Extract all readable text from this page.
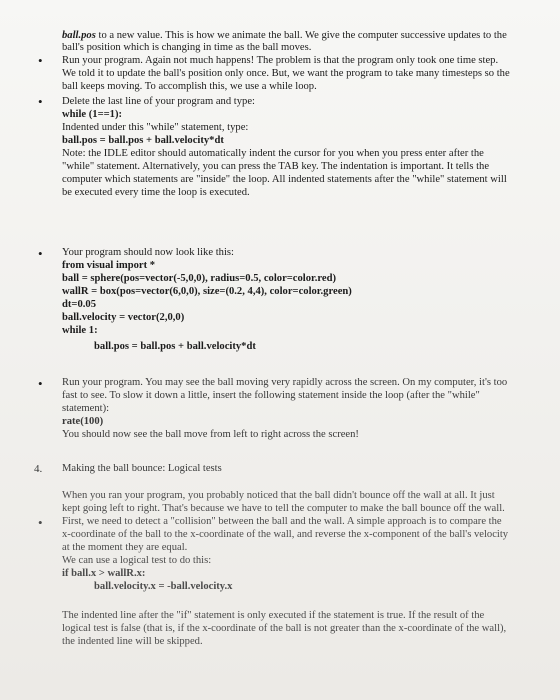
ball.pos to a new value. This is how we animate the ball. We give the computer successive updates to the
ball's position which is changing in time as the ball moves.
• Run your program. Again not much happens! The problem is that the program only took one time step.
We told it to update the ball's position only once. But, we want the program to take many timesteps so the
ball keeps moving. To accomplish this, we use a while loop.
• Delete the last line of your program and type:
while (1==1):
Indented under this "while" statement, type:
ball.pos = ball.pos + ball.velocity*dt
Note: the IDLE editor should automatically indent the cursor for you when you press enter after the
"while" statement. Alternatively, you can press the TAB key. The indentation is important. It tells the
computer which statements are "inside" the loop. All indented statements after the "while" statement will
be executed every time the loop is executed.
• Your program should now look like this:
from visual import *
ball = sphere(pos=vector(-5,0,0), radius=0.5, color=color.red)
wallR = box(pos=vector(6,0,0), size=(0.2, 4,4), color=color.green)
dt=0.05
ball.velocity = vector(2,0,0)
while 1:
ball.pos = ball.pos + ball.velocity*dt
• Run your program. You may see the ball moving very rapidly across the screen. On my computer, it's too
fast to see. To slow it down a little, insert the following statement inside the loop (after the "while"
statement):
rate(100)
You should now see the ball move from left to right across the screen!
4. Making the ball bounce: Logical tests
When you ran your program, you probably noticed that the ball didn't bounce off the wall at all. It just
kept going left to right. That's because we have to tell the computer to make the ball bounce off the wall.
• First, we need to detect a "collision" between the ball and the wall. A simple approach is to compare the
x-coordinate of the ball to the x-coordinate of the wall, and reverse the x-component of the ball's velocity
at the moment they are equal.
We can use a logical test to do this:
if ball.x > wallR.x:
ball.velocity.x = -ball.velocity.x
The indented line after the "if" statement is only executed if the statement is true. If the result of the
logical test is false (that is, if the x-coordinate of the ball is not greater than the x-coordinate of the wall),
the indented line will be skipped.
